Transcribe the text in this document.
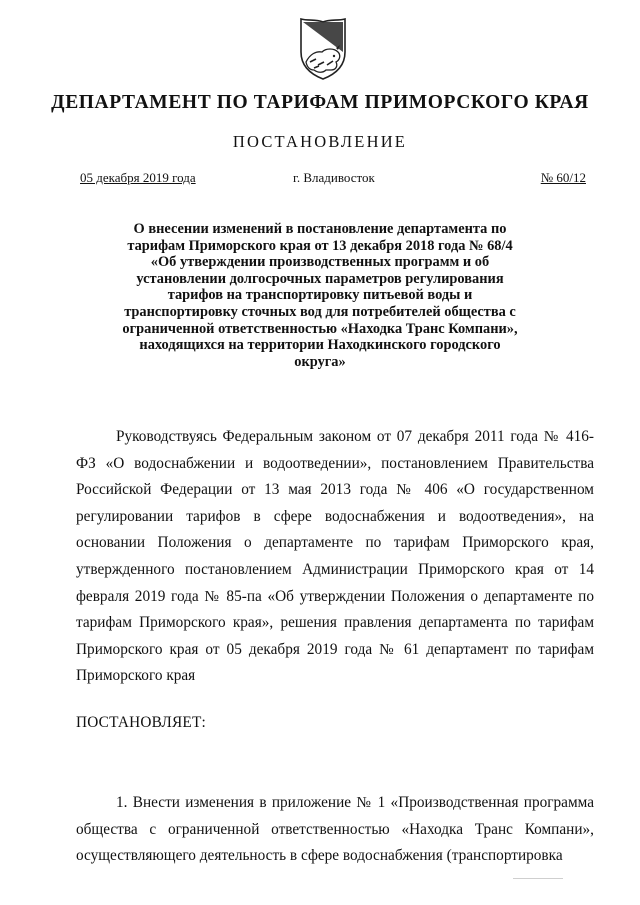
ДЕПАРТАМЕНТ ПО ТАРИФАМ ПРИМОРСКОГО КРАЯ
ПОСТАНОВЛЕНИЕ
05 декабря 2019 года	г. Владивосток	№ 60/12
О внесении изменений в постановление департамента по тарифам Приморского края от 13 декабря 2018 года № 68/4 «Об утверждении производственных программ и об установлении долгосрочных параметров регулирования тарифов на транспортировку питьевой воды и транспортировку сточных вод для потребителей общества с ограниченной ответственностью «Находка Транс Компани», находящихся на территории Находкинского городского округа»
Руководствуясь Федеральным законом от 07 декабря 2011 года № 416-ФЗ «О водоснабжении и водоотведении», постановлением Правительства Российской Федерации от 13 мая 2013 года № 406 «О государственном регулировании тарифов в сфере водоснабжения и водоотведения», на основании Положения о департаменте по тарифам Приморского края, утвержденного постановлением Администрации Приморского края от 14 февраля 2019 года № 85-па «Об утверждении Положения о департаменте по тарифам Приморского края», решения правления департамента по тарифам Приморского края от 05 декабря 2019 года № 61 департамент по тарифам Приморского края
ПОСТАНОВЛЯЕТ:
1. Внести изменения в приложение № 1 «Производственная программа общества с ограниченной ответственностью «Находка Транс Компани», осуществляющего деятельность в сфере водоснабжения (транспортировка
